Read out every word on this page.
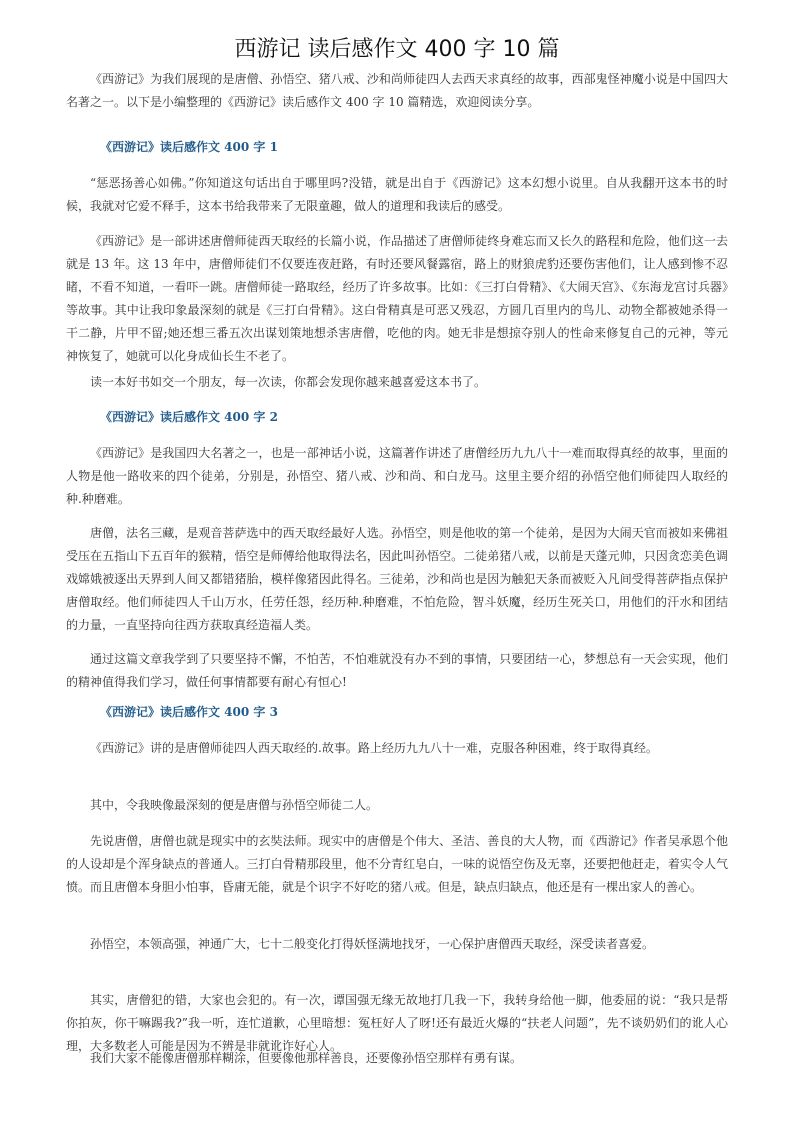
西游记 读后感作文 400 字 10 篇

《西游记》为我们展现的是唐僧、孙悟空、猪八戒、沙和尚师徒四人去西天求真经的故事，西部鬼怪神魔小说是中国四大名著之一。以下是小编整理的《西游记》读后感作文 400 字 10 篇精选，欢迎阅读分享。

《西游记》读后感作文 400 字 1

“惩恶扬善心如佛。”你知道这句话出自于哪里吗?没错，就是出自于《西游记》这本幻想小说里。自从我翻开这本书的时候，我就对它爱不释手，这本书给我带来了无限童趣，做人的道理和我读后的感受。

《西游记》是一部讲述唐僧师徒西天取经的长篇小说，作品描述了唐僧师徒终身难忘而又长久的路程和危险，他们这一去就是 13 年。这 13 年中，唐僧师徒们不仅要连夜赶路，有时还要风餐露宿，路上的财狼虎豹还要伤害他们，让人感到惨不忍睹，不看不知道，一看吓一跳。唐僧师徒一路取经，经历了许多故事。比如：《三打白骨精》、《大闹天宫》、《东海龙宫讨兵器》等故事。其中让我印象最深刻的就是《三打白骨精》。这白骨精真是可恶又残忍，方圆几百里内的鸟儿、动物全都被她杀得一干二静，片甲不留;她还想三番五次出谋划策地想杀害唐僧，吃他的肉。她无非是想掠夺别人的性命来修复自己的元神，等元神恢复了，她就可以化身成仙长生不老了。

读一本好书如交一个朋友，每一次读，你都会发现你越来越喜爱这本书了。

《西游记》读后感作文 400 字 2

《西游记》是我国四大名著之一，也是一部神话小说，这篇著作讲述了唐僧经历九九八十一难而取得真经的故事，里面的人物是他一路收来的四个徒弟，分别是，孙悟空、猪八戒、沙和尚、和白龙马。这里主要介绍的孙悟空他们师徒四人取经的种.种磨难。

唐僧，法名三藏，是观音菩萨选中的西天取经最好人选。孙悟空，则是他收的第一个徒弟，是因为大闹天官而被如来佛祖受压在五指山下五百年的猴精，悟空是师傅给他取得法名，因此叫孙悟空。二徒弟猪八戒，以前是天蓬元帅，只因贪恋美色调戏嫦娥被逐出天界到人间又都错猪胎，模样像猪因此得名。三徒弟，沙和尚也是因为触犯天条而被贬入凡间受得菩萨指点保护唐僧取经。他们师徒四人千山万水，任劳任怨，经历种.种磨难，不怕危险，智斗妖魔，经历生死关口，用他们的汗水和团结的力量，一直坚持向往西方获取真经造福人类。

通过这篇文章我学到了只要坚持不懈，不怕苦，不怕难就没有办不到的事情，只要团结一心，梦想总有一天会实现，他们的精神值得我们学习，做任何事情都要有耐心有恒心!

《西游记》读后感作文 400 字 3

《西游记》讲的是唐僧师徒四人西天取经的.故事。路上经历九九八十一难，克服各种困难，终于取得真经。

其中，令我映像最深刻的便是唐僧与孙悟空师徒二人。

先说唐僧，唐僧也就是现实中的玄奘法师。现实中的唐僧是个伟大、圣洁、善良的大人物，而《西游记》作者吴承恩个他的人设却是个浑身缺点的普通人。三打白骨精那段里，他不分青红皂白，一味的说悟空伤及无辜，还要把他赶走，着实令人气愤。而且唐僧本身胆小怕事，昏庸无能，就是个识字不好吃的猪八戒。但是，缺点归缺点，他还是有一棵出家人的善心。

孙悟空，本领高强，神通广大，七十二般变化打得妖怪满地找牙，一心保护唐僧西天取经，深受读者喜爱。

其实，唐僧犯的错，大家也会犯的。有一次，谭国强无缘无故地打几我一下，我转身给他一脚，他委屈的说：“我只是帮你拍灰，你干嘛踢我?”我一听，连忙道歉，心里暗想：冤枉好人了呀!还有最近火爆的“扶老人问题”，先不谈奶奶们的讹人心理，大多数老人可能是因为不辨是非就讹诈好心人。

我们大家不能像唐僧那样糊涂，但要像他那样善良，还要像孙悟空那样有勇有谋。
